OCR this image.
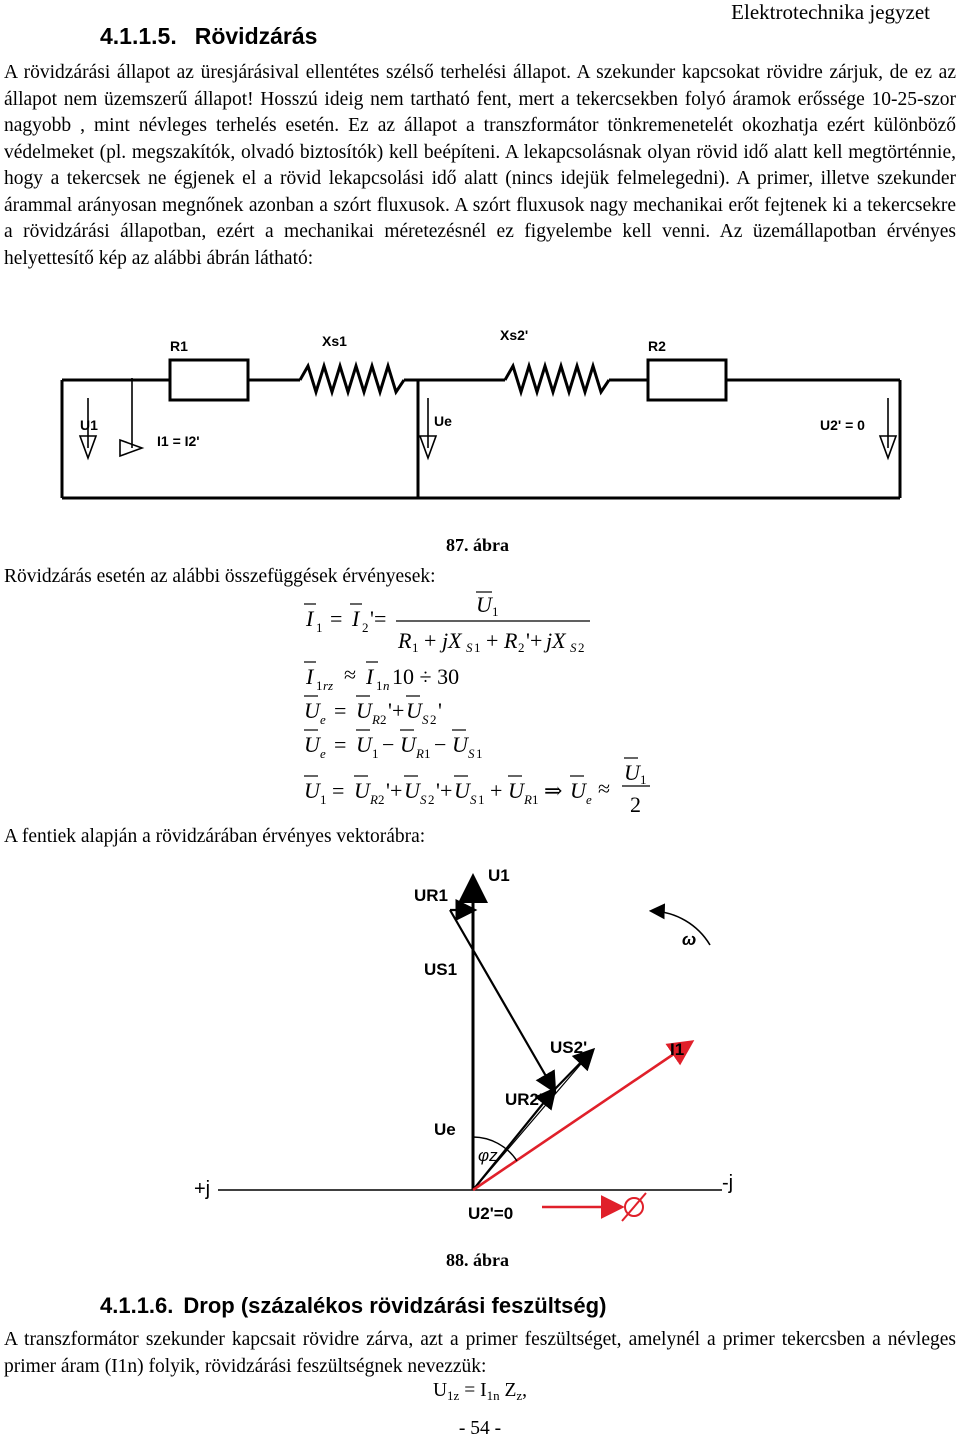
Elektrotechnika jegyzet
4.1.1.5. Rövidzárás
A rövidzárási állapot az üresjárásival ellentétes szélső terhelési állapot. A szekunder kapcsokat rövidre zárjuk, de ez az állapot nem üzemszerű állapot! Hosszú ideig nem tartható fent, mert a tekercsekben folyó áramok erőssége 10-25-szor nagyobb , mint névleges terhelés esetén. Ez az állapot a transzformátor tönkremenetelét okozhatja ezért különböző védelmeket (pl. megszakítók, olvadó biztosítók) kell beépíteni. A lekapcsolásnak olyan rövid idő alatt kell megtörténnie, hogy a tekercsek ne égjenek el a rövid lekapcsolási idő alatt (nincs idejük felmelegedni). A primer, illetve szekunder árammal arányosan megnőnek azonban a szórt fluxusok. A szórt fluxusok nagy mechanikai erőt fejtenek ki a tekercsekre a rövidzárási állapotban, ezért a mechanikai méretezésnél ez figyelembe kell venni. Az üzemállapotban érvényes helyettesítő kép az alábbi ábrán látható:
R1	Xs1	Xs2'
R2
U1
I1 = I2'
Ue	U2' = 0
87. ábra
Rövidzárás esetén az alábbi összefüggések érvényesek:
I 1 = I 2 '=
U 1
R 1 + jX S 1 + R 2 '+ jX S 2
I 1 rz ≈ I 1 n 10 ÷ 30
U e = U R 2 '+ U S 2 '
U e = U 1 − U R 1 − U S 1
U 1 = U R 2 '+ U S 2 '+ U S 1 + U R 1 ⇒ U e ≈
U 1
2
A fentiek alapján a rövidzárában érvényes vektorábra:
UR1
U1
ω
US1
US2'	I1
UR2'
Ue
φz
+j	-j
U2'=0
88. ábra
4.1.1.6. Drop (százalékos rövidzárási feszültség)
A transzformátor szekunder kapcsait rövidre zárva, azt a primer feszültséget, amelynél a primer tekercsben a névleges primer áram (I1n) folyik, rövidzárási feszültségnek nevezzük:
$U_{1z} = I_{1n}$ $Z_z$,
- 54 -
